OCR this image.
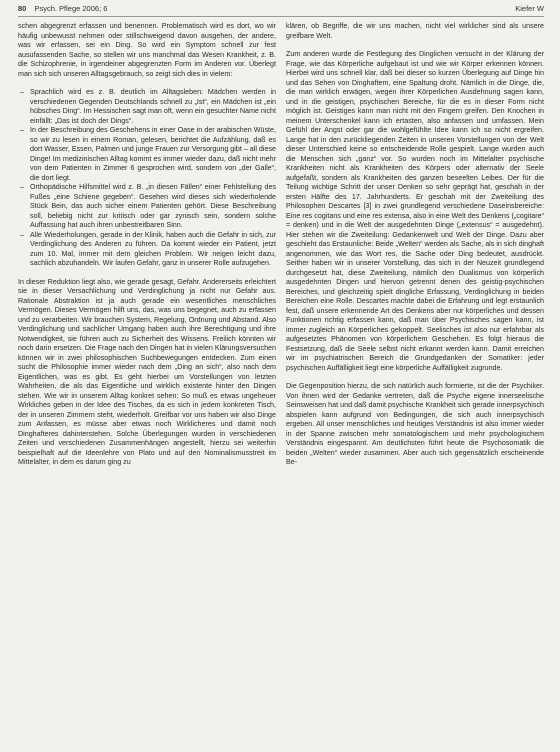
80 Psych. Pflege 2006; 6	Kiefer W

schen abgegrenzt erfassen und benennen. Problematisch wird es dort, wo wir häufig unbewusst nehmen oder stillschweigend davon ausgehen, der andere, was wir erfassen, sei ein Ding. So wird ein Symptom schnell zur fest ausufassenden Sache, so stellen wir uns manchmal das Wesen Krankheit, z. B. die Schizophrenie, in irgendeiner abgegrenzten Form im Anderen vor. Überlegt man sich sich unseren Alltagsgebrauch, so zeigt sich dies in vielem:

– Sprachlich wird es z. B. deutlich im Alltagsleben: Mädchen werden in verschiedenen Gegenden Deutschlands schnell zu „Ist“, ein Mädchen ist „ein hübsches Ding“. Im Hessischen sagt man oft, wenn ein gesuchter Name nicht einfällt: „Das ist doch der Dings“.
– In der Beschreibung des Geschehens in einer Oase in der arabischen Wüste, so wir zu lesen in einem Roman, gelesen, berichtet die Aufzählung, daß es dort Wasser, Essen, Palmen und junge Frauen zur Versorgung gibt – all diese Dinge! Im medizinischen Alltag kommt es immer wieder dazu, daß nicht mehr von dem Patienten in Zimmer 6 gesprochen wird, sondern von „der Galle“, die dort liegt.
– Orthopädische Hilfsmittel wird z. B. „in diesen Fällen“ einer Fehlstellung des Fußes „eine Schiene gegeben“. Gesehen wird dieses sich wiederholende Stück Bein, das auch sicher einem Patienten gehört. Diese Beschreibung soll, beliebig nicht zur kritisch oder gar zynisch sein, sondern solche Auffassung hat auch ihren unbestreitbaren Sinn.
– Alle Wiederholungen, gerade in der Klinik, haben auch die Gefahr in sich, zur Verdinglichung des Anderen zu führen. Da kommt wieder ein Patient, jetzt zum 10. Mal, immer mit dem gleichen Problem. Wir neigen leicht dazu, sachlich abzuhandeln. Wir laufen Gefahr, ganz in unserer Rolle aufzugehen.

In dieser Reduktion liegt also, wie gerade gesagt, Gefahr. Andererseits erleichtert sie in dieser Versachlichung und Verdinglichung ja nicht nur Gefahr aus. Rationale Abstraktion ist ja auch gerade ein wesentliches menschliches Vermögen. Dieses Vermögen hilft uns, das, was uns begegnet, auch zu erfassen und zu verarbeiten. Wir brauchen System, Regelung, Ordnung und Abstand. Also Verdinglichung und sachlicher Umgang haben auch ihre Berechtigung und ihre Notwendigkeit, sie führen auch zu Sicherheit des Wissens. Freilich könnten wir noch darin ersetzen. Die Frage nach den Dingen hat in vielen Klärungsversuchen können wir in zwei philosophischen Suchbewegungen entdecken. Zum einen sucht die Philosophie immer wieder nach dem „Ding an sich“, also nach dem Eigentlichen, was es gibt. Es geht hierbei um Vorstellungen von letzten Wahrheiten, die als das Eigentliche und wirklich existente hinter den Dingen stehen. Wie wir in unserem Alltag konkret sehen: So muß es etwas ungeheuer Wirkliches geben in der Idee des Tisches, da es sich in jedem konkreten Tisch, der in unseren Zimmern steht, wiederholt. Greifbar vor uns haben wir also Dinge zum Anfassen, es müsse aber etwas noch Wirklicheres und damit noch Dinghafteres dahinterstehen. Solche Überlegungen wurden in verschiedenen Zeiten und verschiedenen Zusammenhängen angestellt, hierzu sei weiterhin beispielhaft auf die Ideenlehre von Plato und auf den Nominalismusstreit im Mittelalter, in dem es darum ging zu

klären, ob Begriffe, die wir uns machen, nicht viel wirklicher sind als unsere greifbare Welt.

Zum anderen wurde die Festlegung des Dinglichen versucht in der Klärung der Frage, wie das Körperliche aufgebaut ist und wie wir Körper erkennen können. Hierbei wird uns schnell klar, daß bei dieser so kurzen Überlegung auf Dinge hin und das Sehen von Dinghaftem, eine Spaltung droht. Nämlich in die Dinge, die, die man wirklich erwägen, wegen ihrer Körperlichen Ausdehnung sagen kann, und in die geistigen, psychischen Bereiche, für die es in dieser Form nicht möglich ist. Geistiges kann man nicht mit den Fingern greifen. Den Knochen in meinem Unterschenkel kann ich ertasten, also anfassen und umfassen. Mein Gefühl der Angst oder gar die wohlgefühlte Idee kann ich so nicht ergreifen. Lange hat in den zurückliegenden Zeiten in unseren Vorstellungen von der Welt dieser Unterschied keine so entscheidende Rolle gespielt. Lange wurden auch die Menschen sich „ganz“ vor. So wurden noch im Mittelalter psychische Krankheiten nicht als Krankheiten des Körpers oder alternativ der Seele aufgefaßt, sondern als Krankheiten des ganzen beseelten Leibes. Der für die Teilung wichtige Schritt der unser Denken so sehr geprägt hat, geschah in der ersten Hälfte des 17. Jahrhunderts. Er geschah mit der Zweiteilung des Philosophen Descartes [3] in zwei grundlegend verschiedene Daseinsbereiche: Eine res cogitans und eine res extensa, also in eine Welt des Denkens („cogitare“ = denken) und in die Welt der ausgedehnten Dinge („extensus“ = ausgedehnt). Hier stehen wir die Zweiteilung: Gedankenwelt und Welt der Dinge. Dazu aber geschieht das Erstaunliche: Beide „Welten“ werden als Sache, als in sich dinghaft angenommen, wie das Wort res, die Sache oder Ding bedeutet, ausdrückt. Seither haben wir in unserer Vorstellung, das sich in der Neuzeit grundlegend durchgesetzt hat, diese Zweiteilung, nämlich den Dualismus von körperlich ausgedehnten Dingen und hiervon getrennt denen des geistig-psychischen Bereiches, und gleichzeitig spielt dingliche Erfassung, Verdinglichung in beiden Bereichen eine Rolle. Descartes machte dabei die Erfahrung und legt erstaunlich fest, daß unsere erkennende Art des Denkens aber nur körperliches und dessen Funktionen richtig erfassen kann, daß man über Psychisches sagen kann, ist immer zugleich an Körperliches gekoppelt. Seelisches ist also nur erfahrbar als aufgesetztes Phänomen von körperlichem Geschehen. Es folgt hieraus die Festsetzung, daß die Seele selbst nicht erkannt werden kann. Damit erreichen wir im psychiatrischen Bereich die Grundgedanken der Somatiker: jeder psychischen Auffälligkeit liegt eine körperliche Auffälligkeit zugrunde.

Die Gegenposition hierzu, die sich natürlich auch formierte, ist die der Psychiker. Von ihnen wird der Gedanke vertreten, daß die Psyche eigene innerseelische Seinsweisen hat und daß damit psychische Krankheit sich gerade innerpsychisch abspielen kann aufgrund von Bedingungen, die sich auch innerpsychisch ergeben. All unser menschliches und heutiges Verständnis ist also immer wieder in der Spanne zwischen mehr somatologischem und mehr psychologischem Verständnis eingespannt. Am deutlichsten führt heute die Psychosomatik die beiden „Welten“ wieder zusammen. Aber auch sich gegensätzlich erscheinende Be-
